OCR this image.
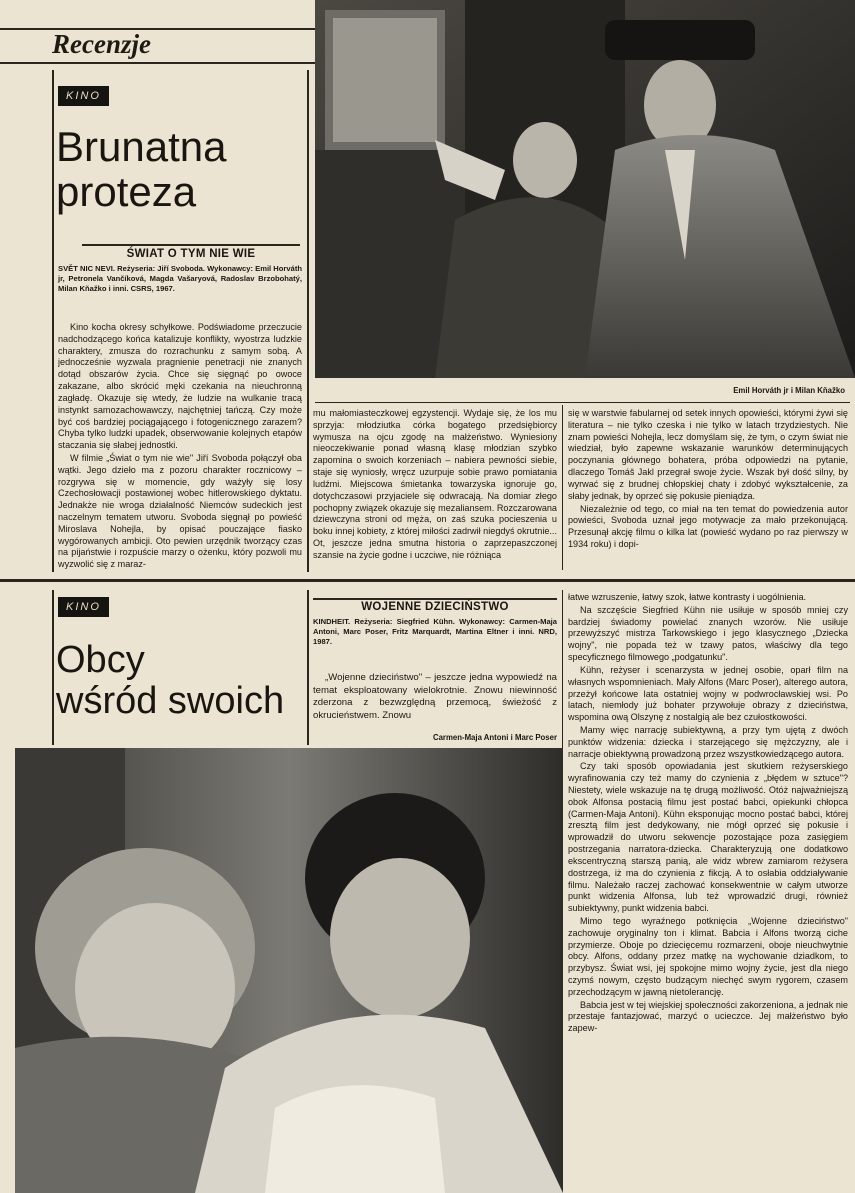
Recenzje
KINO
Brunatna
proteza
ŚWIAT O TYM NIE WIE
SVĚT NIC NEVI. Reżyseria: Jiří Svoboda. Wykonawcy: Emil Horváth jr, Petronela Vančíková, Magda Vašaryová, Radoslav Brzobohatý, Milan Kňažko i inni. CSRS, 1967.
Emil Horváth jr i Milan Kňažko

Kino kocha okresy schyłkowe. Podświadome przeczucie nadchodzącego końca katalizuje konflikty, wyostrza ludzkie charaktery, zmusza do rozrachunku z samym sobą. A jednocześnie wyzwala pragnienie penetracji nie znanych dotąd obszarów życia. Chce się sięgnąć po owoce zakazane, albo skrócić męki czekania na nieuchronną zagładę. Okazuje się wtedy, że ludzie na wulkanie tracą instynkt samozachowawczy, najchętniej tańczą. Czy może być coś bardziej pociągającego i fotogenicznego zarazem? Chyba tylko ludzki upadek, obserwowanie kolejnych etapów staczania się słabej jednostki.

W filmie „Świat o tym nie wie" Jiří Svoboda połączył oba wątki. Jego dzieło ma z pozoru charakter rocznicowy – rozgrywa się w momencie, gdy ważyły się losy Czechosłowacji postawionej wobec hitlerowskiego dyktatu. Jednakże nie wroga działalność Niemców sudeckich jest naczelnym tematem utworu. Svoboda sięgnął po powieść Miroslava Nohejla, by opisać pouczające fiasko wygórowanych ambicji. Oto pewien urzędnik tworzący czas na pijaństwie i rozpuście marzy o ożenku, który pozwoli mu wyzwolić się z maraz-

mu małomiasteczkowej egzystencji. Wydaje się, że los mu sprzyja: młodziutka córka bogatego przedsiębiorcy wymusza na ojcu zgodę na małżeństwo. Wyniesiony nieoczekiwanie ponad własną klasę młodzian szybko zapomina o swoich korzeniach – nabiera pewności siebie, staje się wyniosły, wręcz uzurpuje sobie prawo pomiatania ludźmi. Miejscowa śmietanka towarzyska ignoruje go, dotychczasowi przyjaciele się odwracają. Na domiar złego pochopny związek okazuje się mezaliansem. Rozczarowana dziewczyna stroni od męża, on zaś szuka pocieszenia u boku innej kobiety, z której miłości zadrwił niegdyś okrutnie... Ot, jeszcze jedna smutna historia o zaprzepaszczonej szansie na życie godne i uczciwe, nie różniąca

się w warstwie fabularnej od setek innych opowieści, którymi żywi się literatura – nie tylko czeska i nie tylko w latach trzydziestych. Nie znam powieści Nohejla, lecz domyślam się, że tym, o czym świat nie wiedział, było zapewne wskazanie warunków determinujących poczynania głównego bohatera, próba odpowiedzi na pytanie, dlaczego Tomáš Jakl przegrał swoje życie. Wszak był dość silny, by wyrwać się z brudnej chłopskiej chaty i zdobyć wykształcenie, za słaby jednak, by oprzeć się pokusie pieniądza.

Niezależnie od tego, co miał na ten temat do powiedzenia autor powieści, Svoboda uznał jego motywacje za mało przekonującą. Przesunął akcję filmu o kilka lat (powieść wydano po raz pierwszy w 1934 roku) i dopi-

KINO
Obcy
wśród swoich
WOJENNE DZIECIŃSTWO
KINDHEIT. Reżyseria: Siegfried Kühn. Wykonawcy: Carmen-Maja Antoni, Marc Poser, Fritz Marquardt, Martina Eltner i inni. NRD, 1987.

„Wojenne dzieciństwo" – jeszcze jedna wypowiedź na temat eksploatowany wielokrotnie. Znowu niewinność zderzona z bezwzględną przemocą, świeżość z okrucieństwem. Znowu

Carmen-Maja Antoni i Marc Poser

łatwe wzruszenie, łatwy szok, łatwe kontrasty i uogólnienia.

Na szczęście Siegfried Kühn nie usiłuje w sposób mniej czy bardziej świadomy powielać znanych wzorów. Nie usiłuje przewyższyć mistrza Tarkowskiego i jego klasycznego „Dziecka wojny", nie popada też w tzawy patos, właściwy dla tego specyficznego filmowego „podgatunku".

Kühn, reżyser i scenarzysta w jednej osobie, oparł film na własnych wspomnieniach. Mały Alfons (Marc Poser), alterego autora, przeżył końcowe lata ostatniej wojny w podwrocławskiej wsi. Po latach, niemłody już bohater przywołuje obrazy z dzieciństwa, wspomina ową Olszynę z nostalgią ale bez czułostkowości.

Mamy więc narrację subiektywną, a przy tym ujętą z dwóch punktów widzenia: dziecka i starzejącego się mężczyzny, ale i narracje obiektywną prowadzoną przez wszystkowiedzącego autora.

Czy taki sposób opowiadania jest skutkiem reżyserskiego wyrafinowania czy też mamy do czynienia z „błędem w sztuce"? Niestety, wiele wskazuje na tę drugą możliwość. Otóż najważniejszą obok Alfonsa postacią filmu jest postać babci, opiekunki chłopca (Carmen-Maja Antoni). Kühn eksponując mocno postać babci, której zresztą film jest dedykowany, nie mógł oprzeć się pokusie i wprowadził do utworu sekwencje pozostające poza zasięgiem postrzegania narratora-dziecka. Charakteryzują one dodatkowo ekscentryczną starszą panią, ale widz wbrew zamiarom reżysera dostrzega, iż ma do czynienia z fikcją. A to osłabia oddziaływanie filmu. Należało raczej zachować konsekwentnie w całym utworze punkt widzenia Alfonsa, lub też wprowadzić drugi, również subiektywny, punkt widzenia babci.

Mimo tego wyraźnego potknięcia „Wojenne dzieciństwo" zachowuje oryginalny ton i klimat. Babcia i Alfons tworzą ciche przymierze. Oboje po dziecięcemu rozmarzeni, oboje nieuchwytnie obcy. Alfons, oddany przez matkę na wychowanie dziadkom, to przybysz. Świat wsi, jej spokojne mimo wojny życie, jest dla niego czymś nowym, często budzącym niechęć swym rygorem, czasem przechodzącym w jawną nietolerancję.

Babcia jest w tej wiejskiej społeczności zakorzeniona, a jednak nie przestaje fantazjować, marzyć o ucieczce. Jej małżeństwo było zapew-
